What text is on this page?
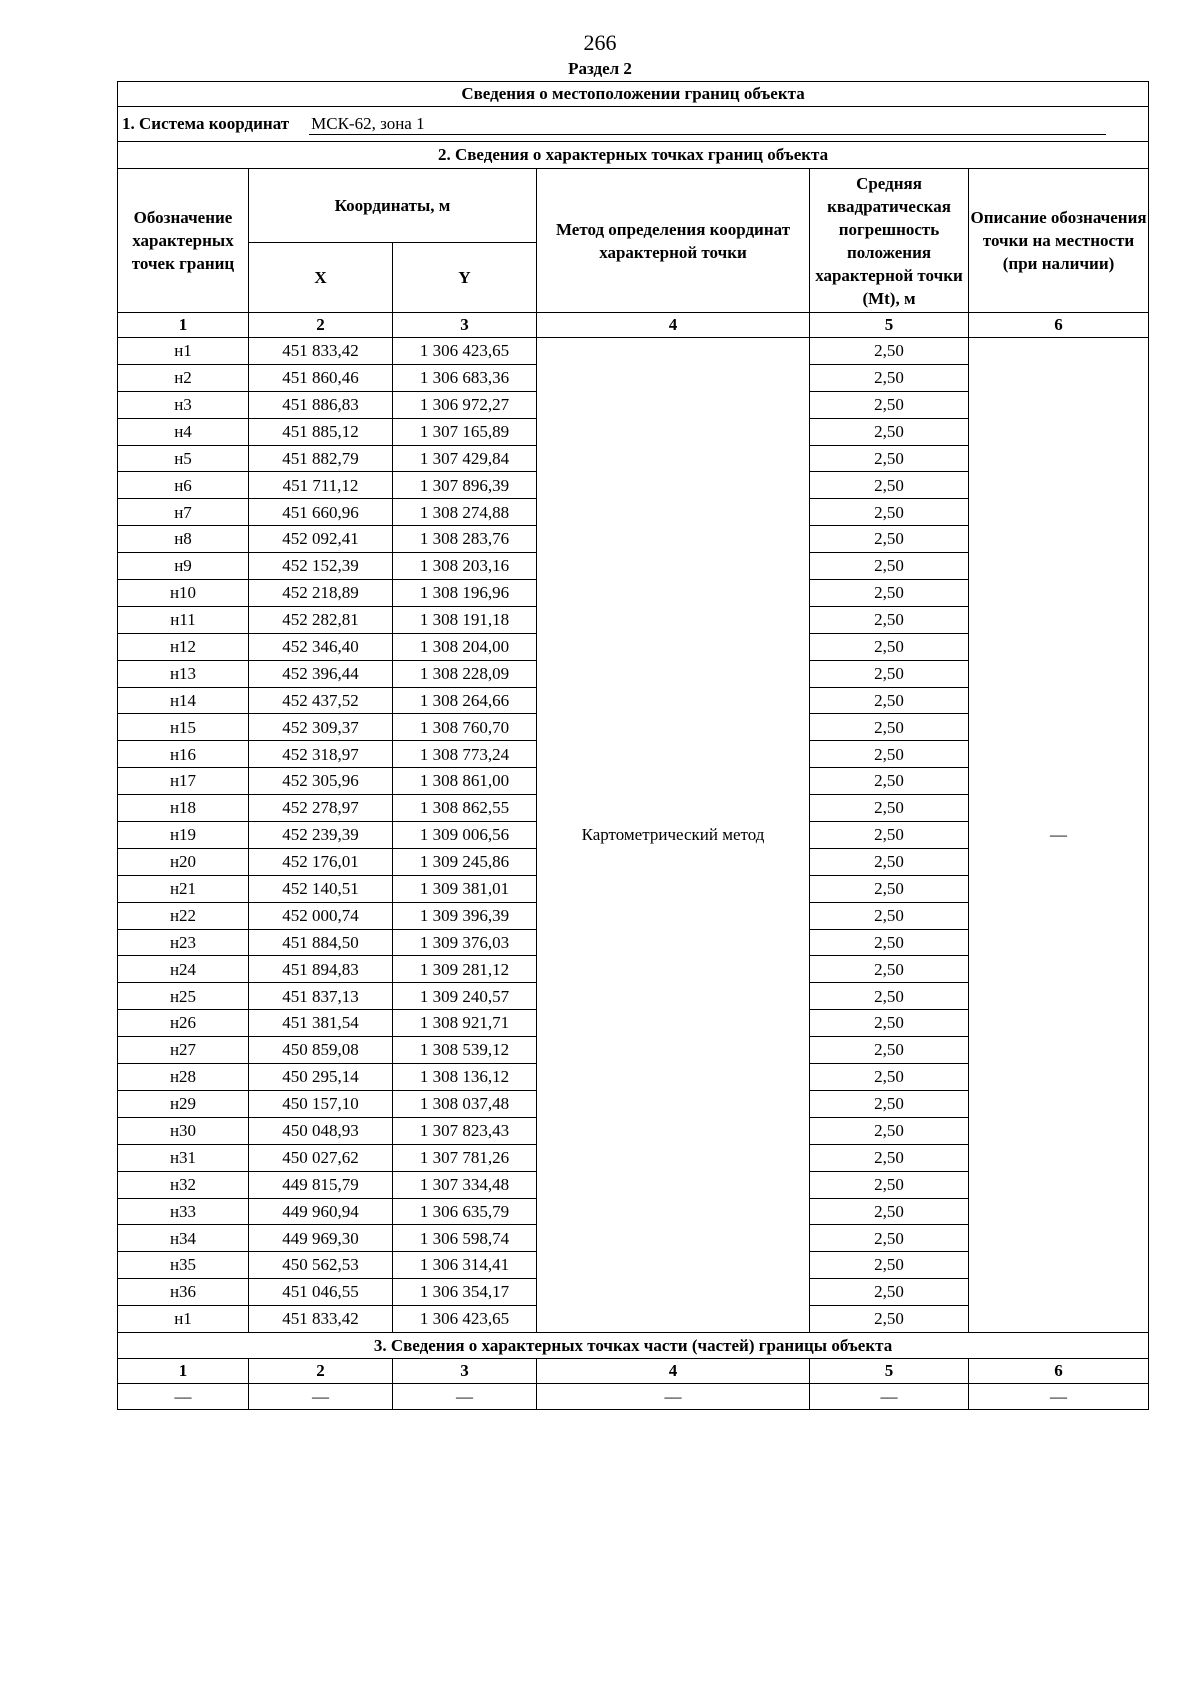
266
Раздел 2
Сведения о местоположении границ объекта					
1. Система координат МСК-62, зона 1					
2. Сведения о характерных точках границ объекта					
Обозначение характерных точек границ	Координаты, м		Метод определения координат характерной точки	Средняя квадратическая погрешность положения характерной точки (Mt), м	Описание обозначения точки на местности (при наличии)
	X	Y			
1	2	3	4	5	6
н1	451 833,42	1 306 423,65	Картометрический метод	2,50	—
н2	451 860,46	1 306 683,36		2,50	
н3	451 886,83	1 306 972,27		2,50	
н4	451 885,12	1 307 165,89		2,50	
н5	451 882,79	1 307 429,84		2,50	
н6	451 711,12	1 307 896,39		2,50	
н7	451 660,96	1 308 274,88		2,50	
н8	452 092,41	1 308 283,76		2,50	
н9	452 152,39	1 308 203,16		2,50	
н10	452 218,89	1 308 196,96		2,50	
н11	452 282,81	1 308 191,18		2,50	
н12	452 346,40	1 308 204,00		2,50	
н13	452 396,44	1 308 228,09		2,50	
н14	452 437,52	1 308 264,66		2,50	
н15	452 309,37	1 308 760,70		2,50	
н16	452 318,97	1 308 773,24		2,50	
н17	452 305,96	1 308 861,00		2,50	
н18	452 278,97	1 308 862,55		2,50	
н19	452 239,39	1 309 006,56		2,50	
н20	452 176,01	1 309 245,86		2,50	
н21	452 140,51	1 309 381,01		2,50	
н22	452 000,74	1 309 396,39		2,50	
н23	451 884,50	1 309 376,03		2,50	
н24	451 894,83	1 309 281,12		2,50	
н25	451 837,13	1 309 240,57		2,50	
н26	451 381,54	1 308 921,71		2,50	
н27	450 859,08	1 308 539,12		2,50	
н28	450 295,14	1 308 136,12		2,50	
н29	450 157,10	1 308 037,48		2,50	
н30	450 048,93	1 307 823,43		2,50	
н31	450 027,62	1 307 781,26		2,50	
н32	449 815,79	1 307 334,48		2,50	
н33	449 960,94	1 306 635,79		2,50	
н34	449 969,30	1 306 598,74		2,50	
н35	450 562,53	1 306 314,41		2,50	
н36	451 046,55	1 306 354,17		2,50	
н1	451 833,42	1 306 423,65		2,50	
3. Сведения о характерных точках части (частей) границы объекта					
1	2	3	4	5	6
—	—	—	—	—	—
